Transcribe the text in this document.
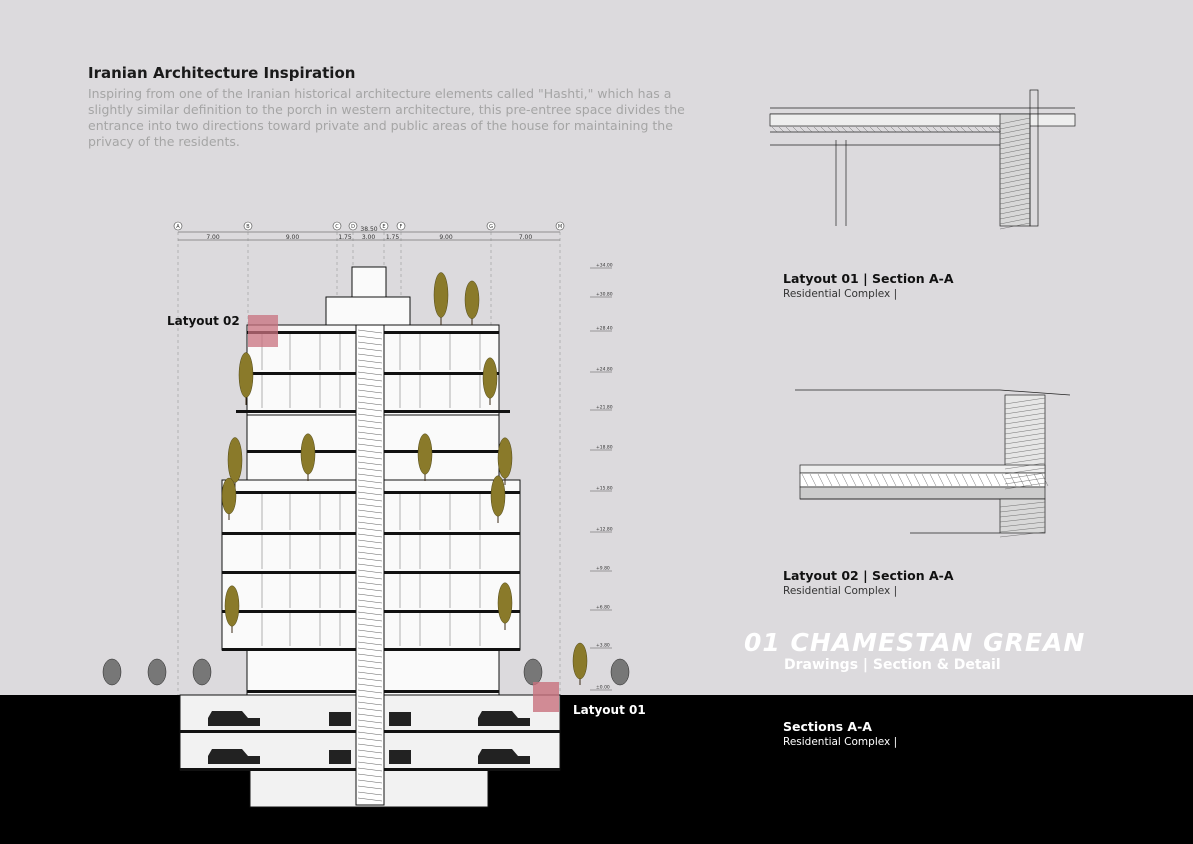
Iranian Architecture Inspiration
Inspiring from one of the Iranian historical architecture elements called "Hashti," which has a slightly similar definition to the porch in western architecture, this pre-entree space divides the entrance into two directions toward private and public areas of the house for maintaining the privacy of the residents.
A	B	C D	E	F	G	M
7.00	9.00	1.75 3.00 1.75	9.00	7.00
38.50
+34.00
+30.80
+28.40
+24.80
+21.80
+18.80
+15.80
+12.80
+9.80
+6.80
+3.80
±0.00
Latyout 02
Latyout 01
Latyout 01 | Section A-A
Residential Complex |
Latyout 02 | Section A-A
Residential Complex |
01 CHAMESTAN GREAN
Drawings | Section & Detail
Sections A-A
Residential Complex |
